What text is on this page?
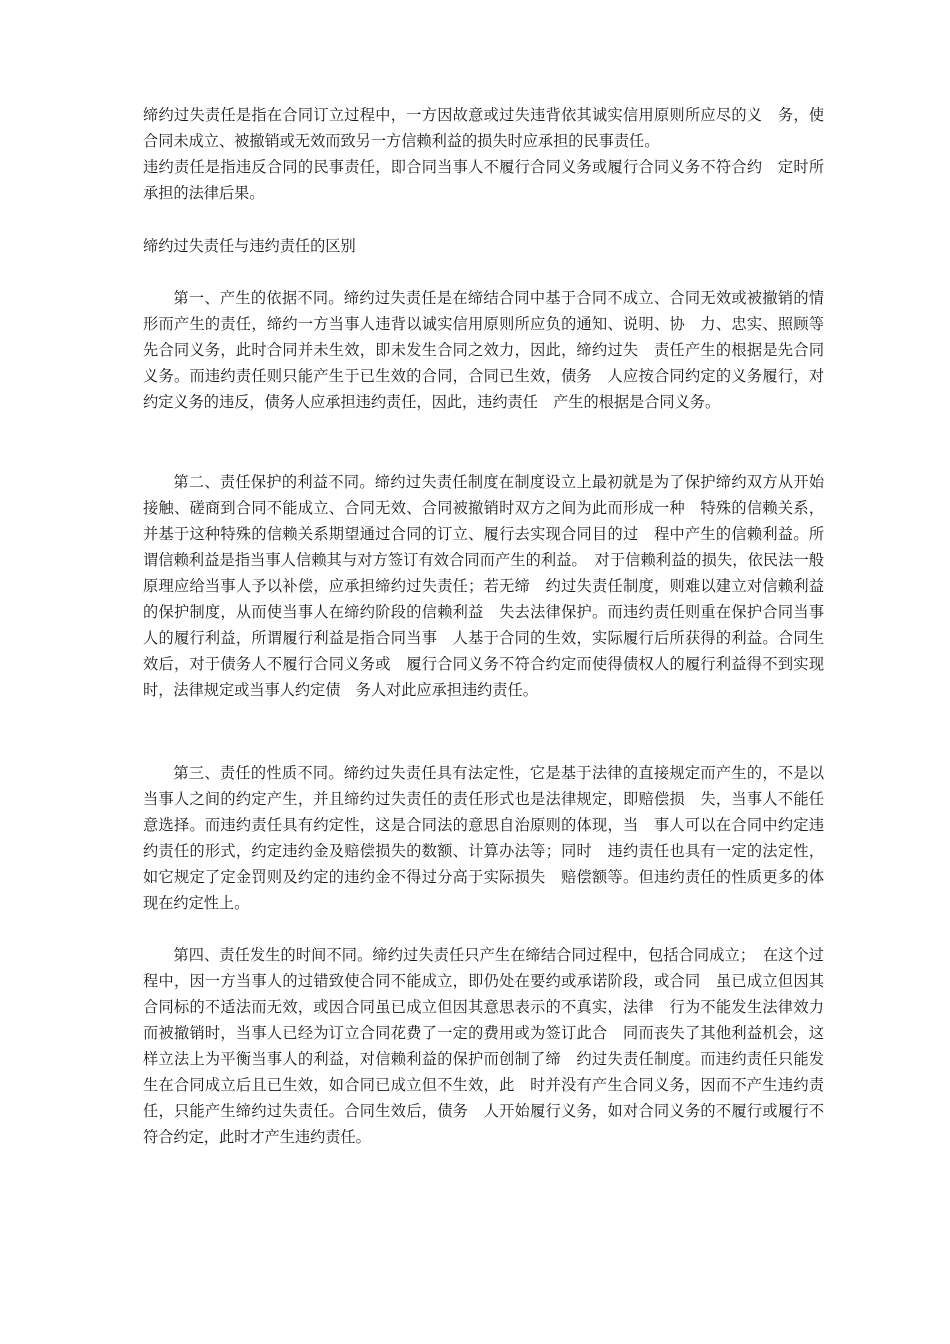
缔约过失责任是指在合同订立过程中，一方因故意或过失违背依其诚实信用原则所应尽的义　务，使合同未成立、被撤销或无效而致另一方信赖利益的损失时应承担的民事责任。

违约责任是指违反合同的民事责任，即合同当事人不履行合同义务或履行合同义务不符合约　定时所承担的法律后果。

缔约过失责任与违约责任的区别

第一、产生的依据不同。缔约过失责任是在缔结合同中基于合同不成立、合同无效或被撤销的情形而产生的责任，缔约一方当事人违背以诚实信用原则所应负的通知、说明、协　力、忠实、照顾等先合同义务，此时合同并未生效，即未发生合同之效力，因此，缔约过失　责任产生的根据是先合同义务。而违约责任则只能产生于已生效的合同，合同已生效，债务　人应按合同约定的义务履行，对约定义务的违反，债务人应承担违约责任，因此，违约责任　产生的根据是合同义务。

第二、责任保护的利益不同。缔约过失责任制度在制度设立上最初就是为了保护缔约双方从开始接触、磋商到合同不能成立、合同无效、合同被撤销时双方之间为此而形成一种　特殊的信赖关系，并基于这种特殊的信赖关系期望通过合同的订立、履行去实现合同目的过　程中产生的信赖利益。所谓信赖利益是指当事人信赖其与对方签订有效合同而产生的利益。　对于信赖利益的损失，依民法一般原理应给当事人予以补偿，应承担缔约过失责任；若无缔　约过失责任制度，则难以建立对信赖利益的保护制度，从而使当事人在缔约阶段的信赖利益　失去法律保护。而违约责任则重在保护合同当事人的履行利益，所谓履行利益是指合同当事　人基于合同的生效，实际履行后所获得的利益。合同生效后，对于债务人不履行合同义务或　履行合同义务不符合约定而使得债权人的履行利益得不到实现时，法律规定或当事人约定债　务人对此应承担违约责任。

第三、责任的性质不同。缔约过失责任具有法定性，它是基于法律的直接规定而产生的，不是以当事人之间的约定产生，并且缔约过失责任的责任形式也是法律规定，即赔偿损　失，当事人不能任意选择。而违约责任具有约定性，这是合同法的意思自治原则的体现，当　事人可以在合同中约定违约责任的形式，约定违约金及赔偿损失的数额、计算办法等；同时　违约责任也具有一定的法定性，如它规定了定金罚则及约定的违约金不得过分高于实际损失　赔偿额等。但违约责任的性质更多的体现在约定性上。

第四、责任发生的时间不同。缔约过失责任只产生在缔结合同过程中，包括合同成立；　在这个过程中，因一方当事人的过错致使合同不能成立，即仍处在要约或承诺阶段，或合同　虽已成立但因其合同标的不适法而无效，或因合同虽已成立但因其意思表示的不真实，法律　行为不能发生法律效力而被撤销时，当事人已经为订立合同花费了一定的费用或为签订此合　同而丧失了其他利益机会，这样立法上为平衡当事人的利益，对信赖利益的保护而创制了缔　约过失责任制度。而违约责任只能发生在合同成立后且已生效，如合同已成立但不生效，此　时并没有产生合同义务，因而不产生违约责任，只能产生缔约过失责任。合同生效后，债务　人开始履行义务，如对合同义务的不履行或履行不符合约定，此时才产生违约责任。
